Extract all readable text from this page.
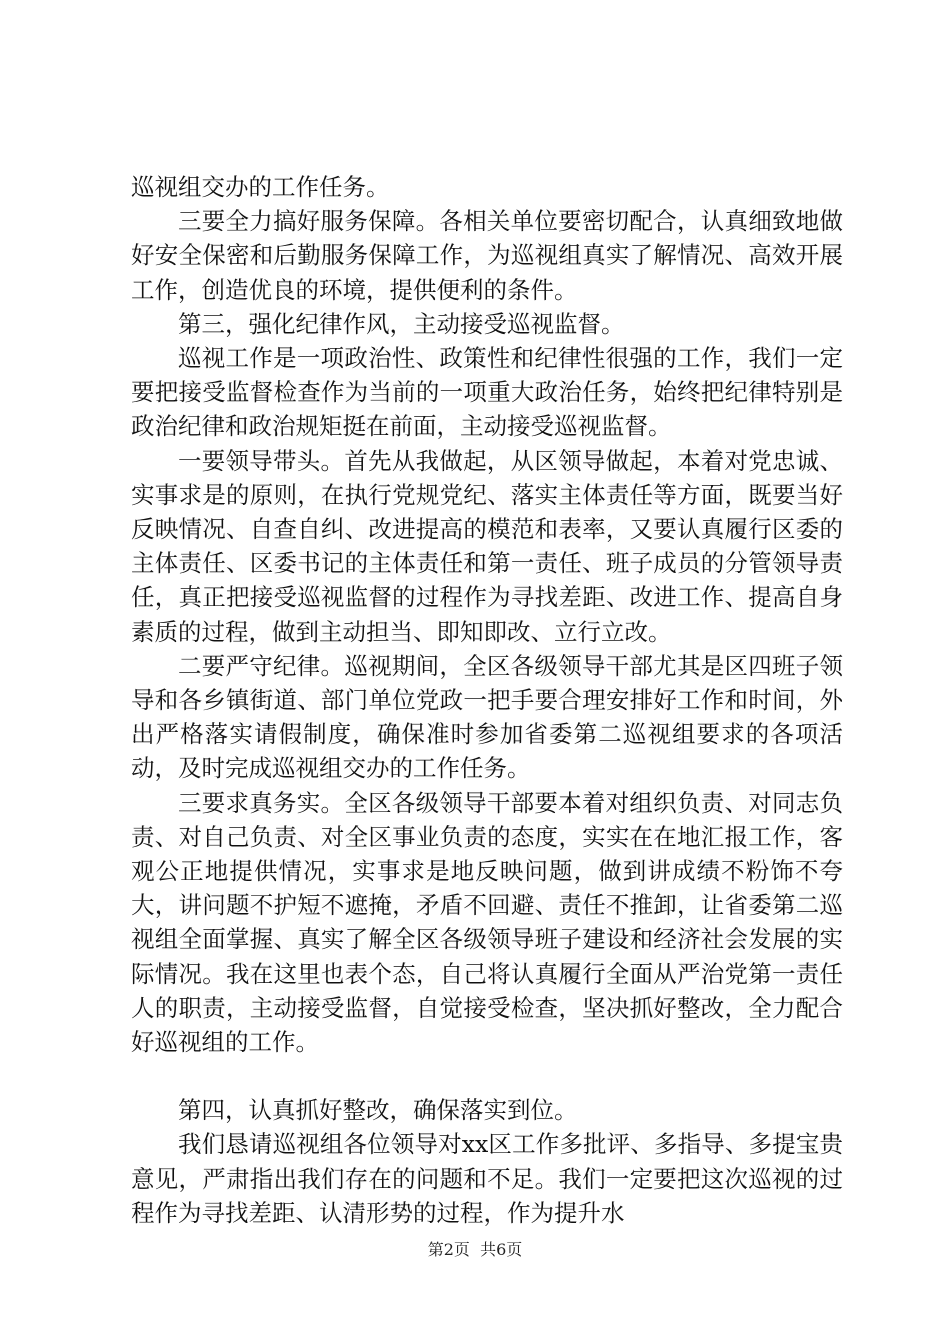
巡视组交办的工作任务。

三要全力搞好服务保障。各相关单位要密切配合，认真细致地做好安全保密和后勤服务保障工作，为巡视组真实了解情况、高效开展工作，创造优良的环境，提供便利的条件。

第三，强化纪律作风，主动接受巡视监督。

巡视工作是一项政治性、政策性和纪律性很强的工作，我们一定要把接受监督检查作为当前的一项重大政治任务，始终把纪律特别是政治纪律和政治规矩挺在前面，主动接受巡视监督。

一要领导带头。首先从我做起，从区领导做起，本着对党忠诚、实事求是的原则，在执行党规党纪、落实主体责任等方面，既要当好反映情况、自查自纠、改进提高的模范和表率，又要认真履行区委的主体责任、区委书记的主体责任和第一责任、班子成员的分管领导责任，真正把接受巡视监督的过程作为寻找差距、改进工作、提高自身素质的过程，做到主动担当、即知即改、立行立改。

二要严守纪律。巡视期间，全区各级领导干部尤其是区四班子领导和各乡镇街道、部门单位党政一把手要合理安排好工作和时间，外出严格落实请假制度，确保准时参加省委第二巡视组要求的各项活动，及时完成巡视组交办的工作任务。

三要求真务实。全区各级领导干部要本着对组织负责、对同志负责、对自己负责、对全区事业负责的态度，实实在在地汇报工作，客观公正地提供情况，实事求是地反映问题，做到讲成绩不粉饰不夸大，讲问题不护短不遮掩，矛盾不回避、责任不推卸，让省委第二巡视组全面掌握、真实了解全区各级领导班子建设和经济社会发展的实际情况。我在这里也表个态，自己将认真履行全面从严治党第一责任人的职责，主动接受监督，自觉接受检查，坚决抓好整改，全力配合好巡视组的工作。

第四，认真抓好整改，确保落实到位。

我们恳请巡视组各位领导对xx区工作多批评、多指导、多提宝贵意见，严肃指出我们存在的问题和不足。我们一定要把这次巡视的过程作为寻找差距、认清形势的过程，作为提升水

第2页 共6页
